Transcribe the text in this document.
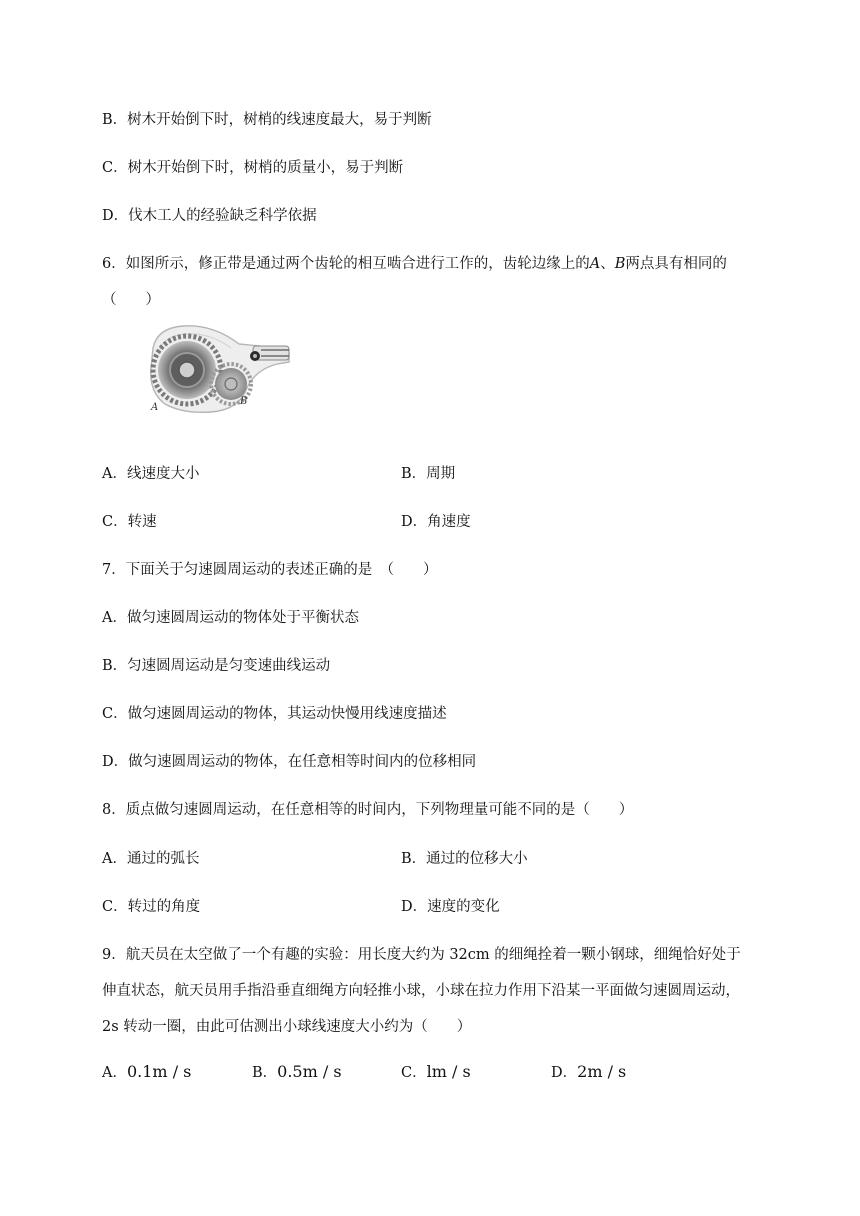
B．树木开始倒下时，树梢的线速度最大，易于判断
C．树木开始倒下时，树梢的质量小，易于判断
D．伐木工人的经验缺乏科学依据
6．如图所示，修正带是通过两个齿轮的相互啮合进行工作的，齿轮边缘上的A、B两点具有相同的
（　　）
A
B
A．线速度大小	B．周期
C．转速	D．角速度
7．下面关于匀速圆周运动的表述正确的是　（　　）
A．做匀速圆周运动的物体处于平衡状态
B．匀速圆周运动是匀变速曲线运动
C．做匀速圆周运动的物体，其运动快慢用线速度描述
D．做匀速圆周运动的物体，在任意相等时间内的位移相同
8．质点做匀速圆周运动，在任意相等的时间内，下列物理量可能不同的是（　　）
A．通过的弧长	B．通过的位移大小
C．转过的角度	D．速度的变化
9．航天员在太空做了一个有趣的实验：用长度大约为 32cm 的细绳拴着一颗小钢球，细绳恰好处于
伸直状态，航天员用手指沿垂直细绳方向轻推小球，小球在拉力作用下沿某一平面做匀速圆周运动，
2s 转动一圈，由此可估测出小球线速度大小约为（　　）
A．0.1m / s	B．0.5m / s	C．lm / s	D．2m / s
